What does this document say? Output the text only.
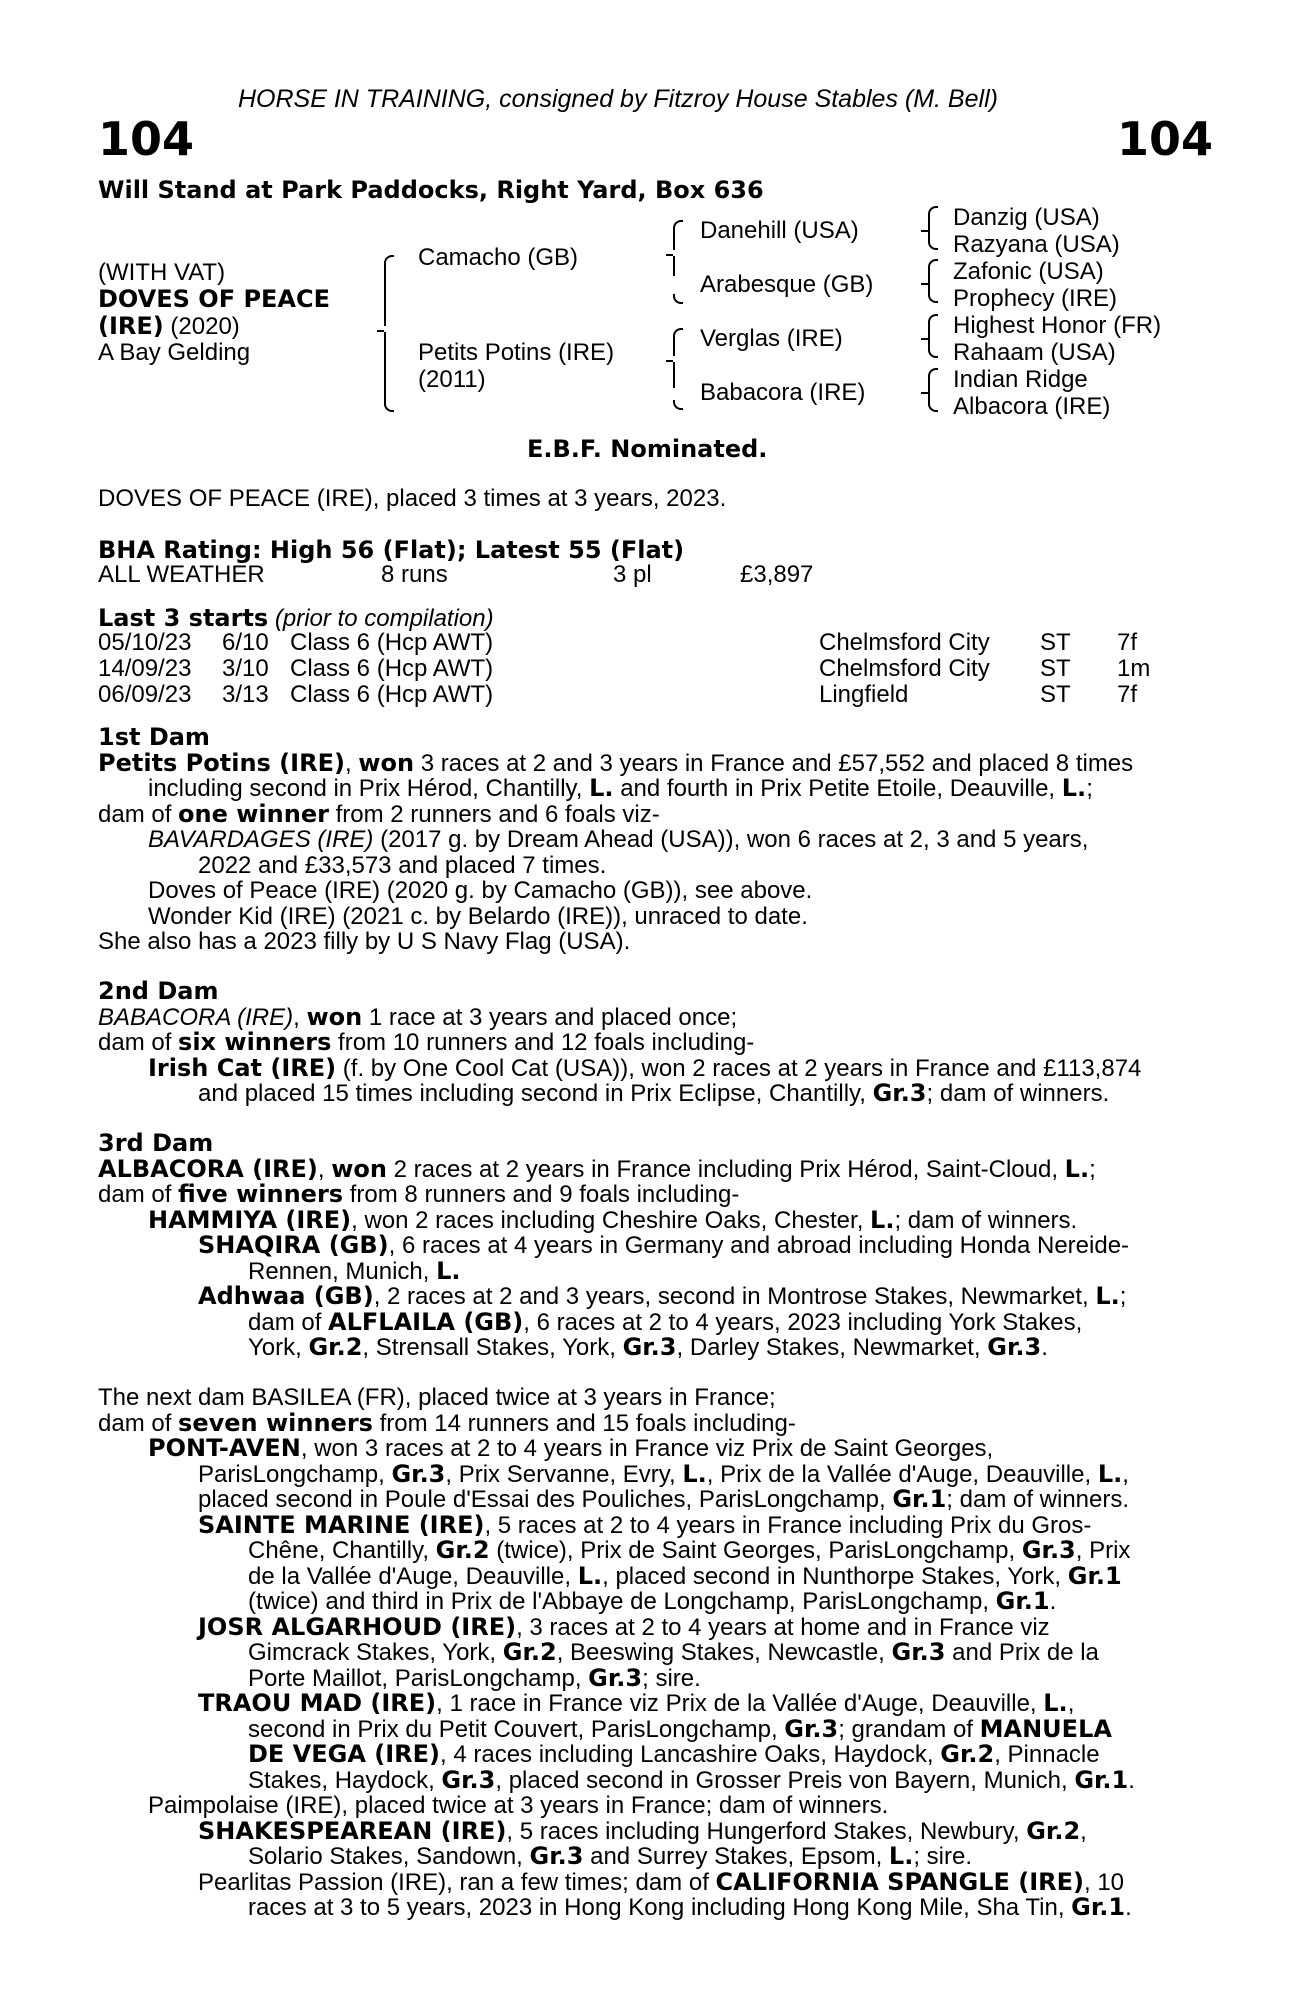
HORSE IN TRAINING, consigned by Fitzroy House Stables (M. Bell)
104	104
Will Stand at Park Paddocks, Right Yard, Box 636
(WITH VAT)
DOVES OF PEACE
(IRE) (2020)
A Bay Gelding
Camacho (GB)
Petits Potins (IRE)
(2011)
Danehill (USA)
Arabesque (GB)
Verglas (IRE)
Babacora (IRE)
Danzig (USA)
Razyana (USA)
Zafonic (USA)
Prophecy (IRE)
Highest Honor (FR)
Rahaam (USA)
Indian Ridge
Albacora (IRE)
E.B.F. Nominated.
DOVES OF PEACE (IRE), placed 3 times at 3 years, 2023.
BHA Rating: High 56 (Flat); Latest 55 (Flat)
ALL WEATHER	8 runs	3 pl	£3,897
Last 3 starts (prior to compilation)
05/10/23 6/10 Class 6 (Hcp AWT)	Chelmsford City ST 7f
14/09/23 3/10 Class 6 (Hcp AWT)	Chelmsford City ST 1m
06/09/23 3/13 Class 6 (Hcp AWT)	Lingfield	ST 7f
1st Dam
Petits Potins (IRE), won 3 races at 2 and 3 years in France and £57,552 and placed 8 times
including second in Prix Hérod, Chantilly, L. and fourth in Prix Petite Etoile, Deauville, L.;
dam of one winner from 2 runners and 6 foals viz-
BAVARDAGES (IRE) (2017 g. by Dream Ahead (USA)), won 6 races at 2, 3 and 5 years,
2022 and £33,573 and placed 7 times.
Doves of Peace (IRE) (2020 g. by Camacho (GB)), see above.
Wonder Kid (IRE) (2021 c. by Belardo (IRE)), unraced to date.
She also has a 2023 filly by U S Navy Flag (USA).
2nd Dam
BABACORA (IRE), won 1 race at 3 years and placed once;
dam of six winners from 10 runners and 12 foals including-
Irish Cat (IRE) (f. by One Cool Cat (USA)), won 2 races at 2 years in France and £113,874
and placed 15 times including second in Prix Eclipse, Chantilly, Gr.3; dam of winners.
3rd Dam
ALBACORA (IRE), won 2 races at 2 years in France including Prix Hérod, Saint-Cloud, L.;
dam of five winners from 8 runners and 9 foals including-
HAMMIYA (IRE), won 2 races including Cheshire Oaks, Chester, L.; dam of winners.
SHAQIRA (GB), 6 races at 4 years in Germany and abroad including Honda Nereide-
Rennen, Munich, L.
Adhwaa (GB), 2 races at 2 and 3 years, second in Montrose Stakes, Newmarket, L.;
dam of ALFLAILA (GB), 6 races at 2 to 4 years, 2023 including York Stakes,
York, Gr.2, Strensall Stakes, York, Gr.3, Darley Stakes, Newmarket, Gr.3.
The next dam BASILEA (FR), placed twice at 3 years in France;
dam of seven winners from 14 runners and 15 foals including-
PONT-AVEN, won 3 races at 2 to 4 years in France viz Prix de Saint Georges,
ParisLongchamp, Gr.3, Prix Servanne, Evry, L., Prix de la Vallée d'Auge, Deauville, L.,
placed second in Poule d'Essai des Pouliches, ParisLongchamp, Gr.1; dam of winners.
SAINTE MARINE (IRE), 5 races at 2 to 4 years in France including Prix du Gros-
Chêne, Chantilly, Gr.2 (twice), Prix de Saint Georges, ParisLongchamp, Gr.3, Prix
de la Vallée d'Auge, Deauville, L., placed second in Nunthorpe Stakes, York, Gr.1
(twice) and third in Prix de l'Abbaye de Longchamp, ParisLongchamp, Gr.1.
JOSR ALGARHOUD (IRE), 3 races at 2 to 4 years at home and in France viz
Gimcrack Stakes, York, Gr.2, Beeswing Stakes, Newcastle, Gr.3 and Prix de la
Porte Maillot, ParisLongchamp, Gr.3; sire.
TRAOU MAD (IRE), 1 race in France viz Prix de la Vallée d'Auge, Deauville, L.,
second in Prix du Petit Couvert, ParisLongchamp, Gr.3; grandam of MANUELA
DE VEGA (IRE), 4 races including Lancashire Oaks, Haydock, Gr.2, Pinnacle
Stakes, Haydock, Gr.3, placed second in Grosser Preis von Bayern, Munich, Gr.1.
Paimpolaise (IRE), placed twice at 3 years in France; dam of winners.
SHAKESPEAREAN (IRE), 5 races including Hungerford Stakes, Newbury, Gr.2,
Solario Stakes, Sandown, Gr.3 and Surrey Stakes, Epsom, L.; sire.
Pearlitas Passion (IRE), ran a few times; dam of CALIFORNIA SPANGLE (IRE), 10
races at 3 to 5 years, 2023 in Hong Kong including Hong Kong Mile, Sha Tin, Gr.1.
